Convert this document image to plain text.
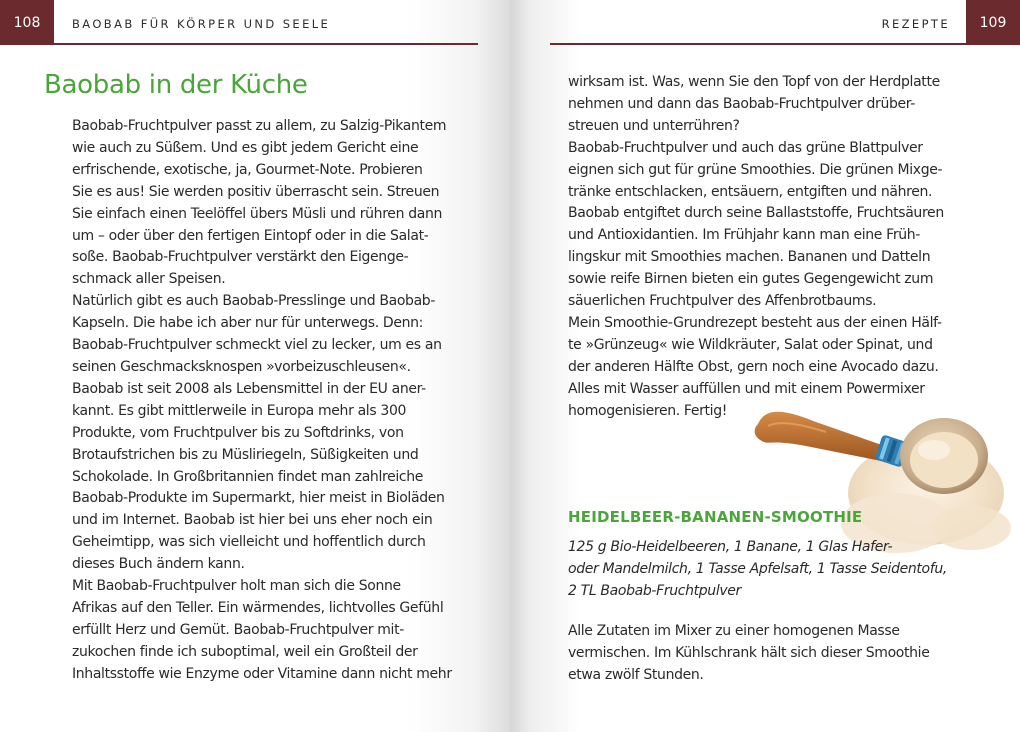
108	BAOBAB FÜR KÖRPER UND SEELE
Baobab in der Küche
Baobab-Fruchtpulver passt zu allem, zu Salzig-Pikantem
wie auch zu Süßem. Und es gibt jedem Gericht eine
erfrischende, exotische, ja, Gourmet-Note. Probieren
Sie es aus! Sie werden positiv überrascht sein. Streuen
Sie einfach einen Teelöffel übers Müsli und rühren dann
um – oder über den fertigen Eintopf oder in die Salat-
soße. Baobab-Fruchtpulver verstärkt den Eigenge-
schmack aller Speisen.
Natürlich gibt es auch Baobab-Presslinge und Baobab-
Kapseln. Die habe ich aber nur für unterwegs. Denn:
Baobab-Fruchtpulver schmeckt viel zu lecker, um es an
seinen Geschmacksknospen »vorbeizuschleusen«.
Baobab ist seit 2008 als Lebensmittel in der EU aner-
kannt. Es gibt mittlerweile in Europa mehr als 300
Produkte, vom Fruchtpulver bis zu Softdrinks, von
Brotaufstrichen bis zu Müsliriegeln, Süßigkeiten und
Schokolade. In Großbritannien findet man zahlreiche
Baobab-Produkte im Supermarkt, hier meist in Bioläden
und im Internet. Baobab ist hier bei uns eher noch ein
Geheimtipp, was sich vielleicht und hoffentlich durch
dieses Buch ändern kann.
Mit Baobab-Fruchtpulver holt man sich die Sonne
Afrikas auf den Teller. Ein wärmendes, lichtvolles Gefühl
erfüllt Herz und Gemüt. Baobab-Fruchtpulver mit-
zukochen finde ich suboptimal, weil ein Großteil der
Inhaltsstoffe wie Enzyme oder Vitamine dann nicht mehr
REZEPTE	109
wirksam ist. Was, wenn Sie den Topf von der Herdplatte
nehmen und dann das Baobab-Fruchtpulver drüber-
streuen und unterrühren?
Baobab-Fruchtpulver und auch das grüne Blattpulver
eignen sich gut für grüne Smoothies. Die grünen Mixge-
tränke entschlacken, entsäuern, entgiften und nähren.
Baobab entgiftet durch seine Ballaststoffe, Fruchtsäuren
und Antioxidantien. Im Frühjahr kann man eine Früh-
lingskur mit Smoothies machen. Bananen und Datteln
sowie reife Birnen bieten ein gutes Gegengewicht zum
säuerlichen Fruchtpulver des Affenbrotbaums.
Mein Smoothie-Grundrezept besteht aus der einen Hälf-
te »Grünzeug« wie Wildkräuter, Salat oder Spinat, und
der anderen Hälfte Obst, gern noch eine Avocado dazu.
Alles mit Wasser auffüllen und mit einem Powermixer
homogenisieren. Fertig!
HEIDELBEER-BANANEN-SMOOTHIE
125 g Bio-Heidelbeeren, 1 Banane, 1 Glas Hafer-
oder Mandelmilch, 1 Tasse Apfelsaft, 1 Tasse Seidentofu,
2 TL Baobab-Fruchtpulver
Alle Zutaten im Mixer zu einer homogenen Masse
vermischen. Im Kühlschrank hält sich dieser Smoothie
etwa zwölf Stunden.
